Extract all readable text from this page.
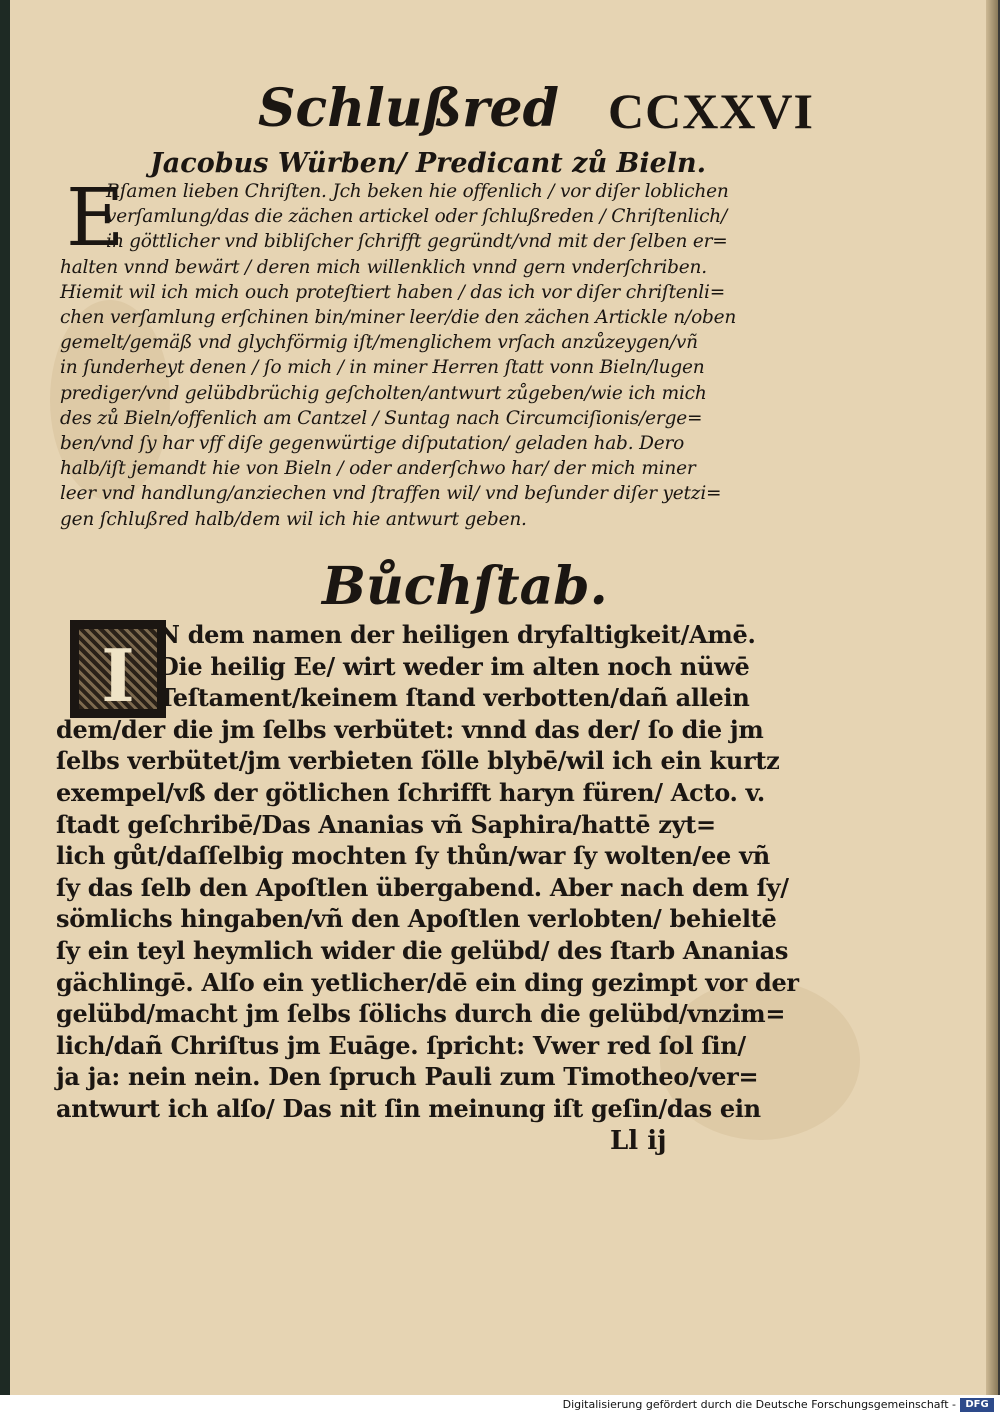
Schlußred CCXXVI

Jacobus Würben/ Predicant zů Bieln.

E

Rſamen lieben Chriſten. Jch beken hie offenlich / vor diſer loblichen

verſamlung/das die zächen artickel oder ſchlußreden / Chriſtenlich/

in göttlicher vnd bibliſcher ſchrifft gegründt/vnd mit der ſelben er=

halten vnnd bewärt / deren mich willenklich vnnd gern vnderſchriben.

Hiemit wil ich mich ouch proteſtiert haben / das ich vor diſer chriſtenli=

chen verſamlung erſchinen bin/miner leer/die den zächen Artickle n/oben

gemelt/gemäß vnd glychförmig iſt/menglichem vrſach anzůzeygen/vñ

in ſunderheyt denen / ſo mich / in miner Herren ſtatt vonn Bieln/lugen

prediger/vnd gelübdbrüchig geſcholten/antwurt zůgeben/wie ich mich

des zů Bieln/offenlich am Cantzel / Suntag nach Circumciſionis/erge=

ben/vnd ſy har vff diſe gegenwürtige diſputation/ geladen hab. Dero

halb/iſt jemandt hie von Bieln / oder anderſchwo har/ der mich miner

leer vnd handlung/anziechen vnd ſtraffen wil/ vnd beſunder diſer yetzi=

gen ſchlußred halb/dem wil ich hie antwurt geben.

Bůchſtab.

I N dem namen der heiligen dryfaltigkeit/Amē.

Die heilig Ee/ wirt weder im alten noch nüwē

Teſtament/keinem ſtand verbotten/dañ allein

dem/der die jm ſelbs verbütet: vnnd das der/ ſo die jm

ſelbs verbütet/jm verbieten ſölle blybē/wil ich ein kurtz

exempel/vß der götlichen ſchrifft haryn füren/ Acto. v.

ſtadt geſchribē/Das Ananias vñ Saphira/hattē zyt=

lich gůt/daſſelbig mochten ſy thůn/war ſy wolten/ee vñ

ſy das ſelb den Apoſtlen übergabend. Aber nach dem ſy/

sömlichs hingaben/vñ den Apoſtlen verlobten/ behieltē

ſy ein teyl heymlich wider die gelübd/ des ſtarb Ananias

gächlingē. Alſo ein yetlicher/dē ein ding gezimpt vor der

gelübd/macht jm ſelbs ſölichs durch die gelübd/vnzim=

lich/dañ Chriſtus jm Euāge. ſpricht: Vwer red ſol ſin/

ja ja: nein nein. Den ſpruch Pauli zum Timotheo/ver=

antwurt ich alſo/ Das nit ſin meinung iſt geſin/das ein

Ll ij

Digitalisierung gefördert durch die Deutsche Forschungsgemeinschaft - DFG
